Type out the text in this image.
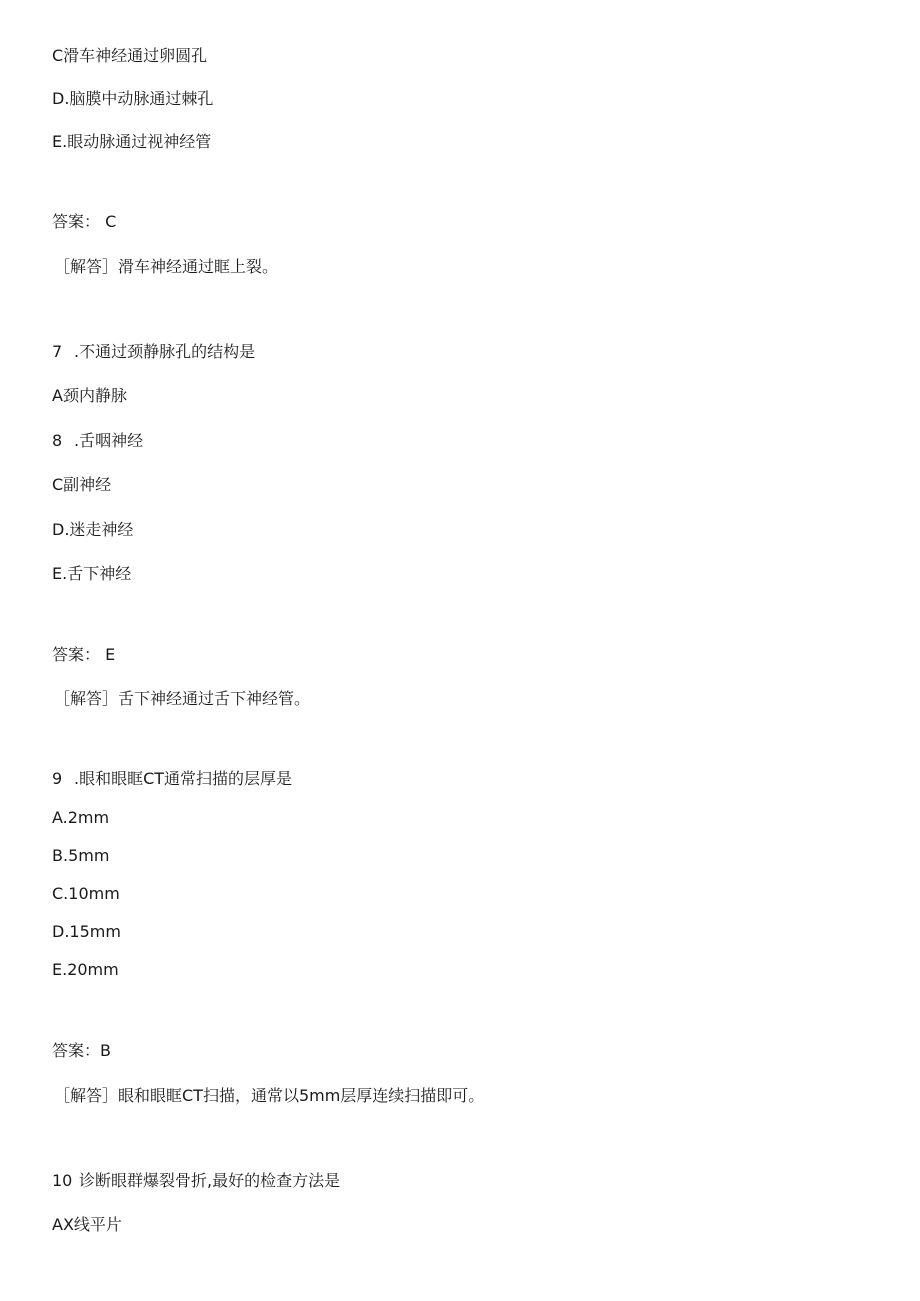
C滑车神经通过卵圆孔
D.脑膜中动脉通过棘孔
E.眼动脉通过视神经管
答案： C
［解答］滑车神经通过眶上裂。
7 .不通过颈静脉孔的结构是
A颈内静脉
8 .舌咽神经
C副神经
D.迷走神经
E.舌下神经
答案： E
［解答］舌下神经通过舌下神经管。
9 .眼和眼眶CT通常扫描的层厚是
A.2mm
B.5mm
C.10mm
D.15mm
E.20mm
答案：B
［解答］眼和眼眶CT扫描，通常以5mm层厚连续扫描即可。
10 诊断眼群爆裂骨折,最好的检查方法是
AX线平片
